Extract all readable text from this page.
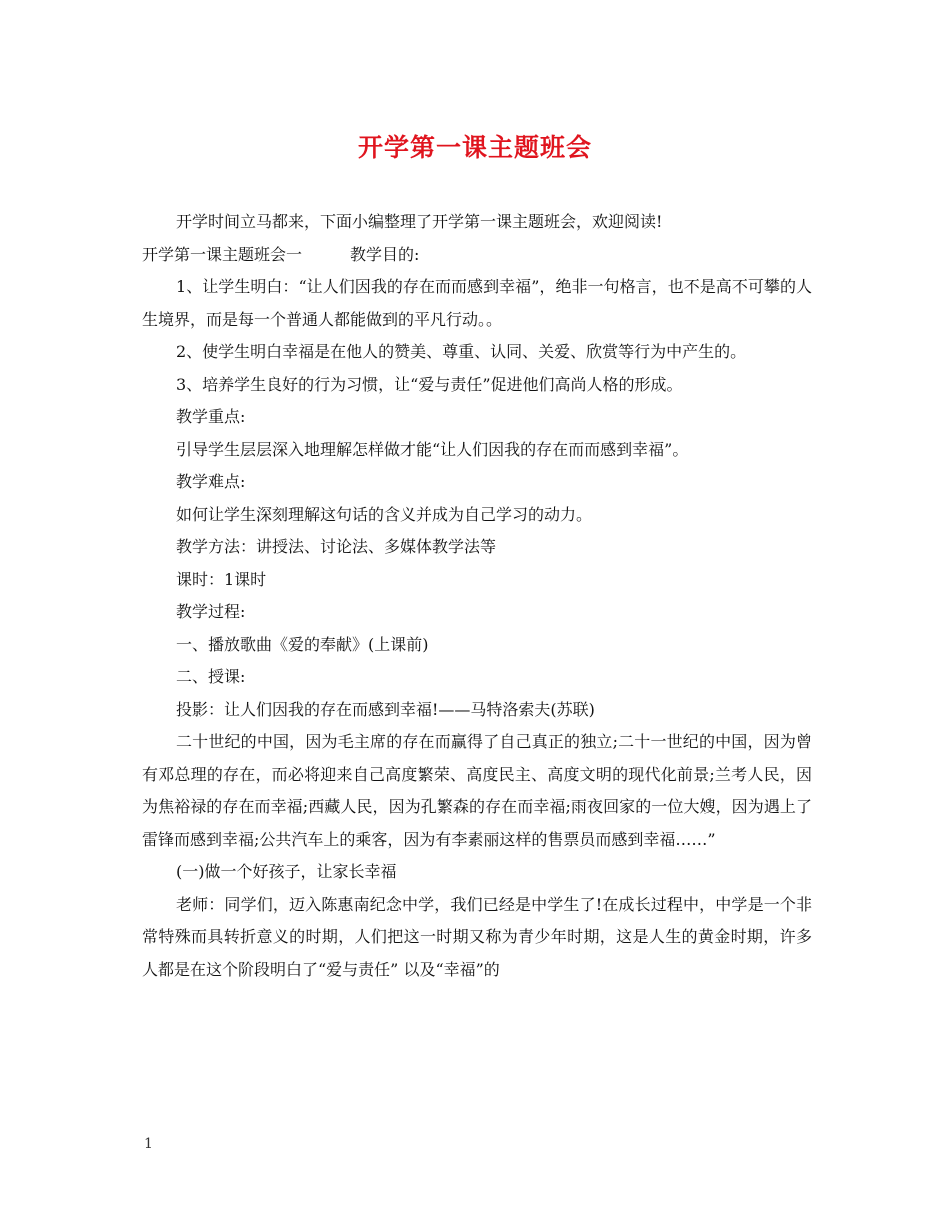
开学第一课主题班会

开学时间立马都来，下面小编整理了开学第一课主题班会，欢迎阅读!

开学第一课主题班会一	教学目的:

1、让学生明白：“让人们因我的存在而而感到幸福”，绝非一句格言，也不是高不可攀的人生境界，而是每一个普通人都能做到的平凡行动。。

2、使学生明白幸福是在他人的赞美、尊重、认同、关爱、欣赏等行为中产生的。

3、培养学生良好的行为习惯，让“爱与责任”促进他们高尚人格的形成。

教学重点:

引导学生层层深入地理解怎样做才能“让人们因我的存在而而感到幸福”。

教学难点:

如何让学生深刻理解这句话的含义并成为自己学习的动力。

教学方法：讲授法、讨论法、多媒体教学法等

课时：1课时

教学过程:

一、播放歌曲《爱的奉献》(上课前)

二、授课:

投影：让人们因我的存在而感到幸福!——马特洛索夫(苏联)

二十世纪的中国，因为毛主席的存在而赢得了自己真正的独立;二十一世纪的中国，因为曾有邓总理的存在，而必将迎来自己高度繁荣、高度民主、高度文明的现代化前景;兰考人民，因为焦裕禄的存在而幸福;西藏人民，因为孔繁森的存在而幸福;雨夜回家的一位大嫂，因为遇上了雷锋而感到幸福;公共汽车上的乘客，因为有李素丽这样的售票员而感到幸福……”

(一)做一个好孩子，让家长幸福

老师：同学们，迈入陈惠南纪念中学，我们已经是中学生了!在成长过程中，中学是一个非常特殊而具转折意义的时期，人们把这一时期又称为青少年时期，这是人生的黄金时期，许多人都是在这个阶段明白了“爱与责任” 以及“幸福”的

1
